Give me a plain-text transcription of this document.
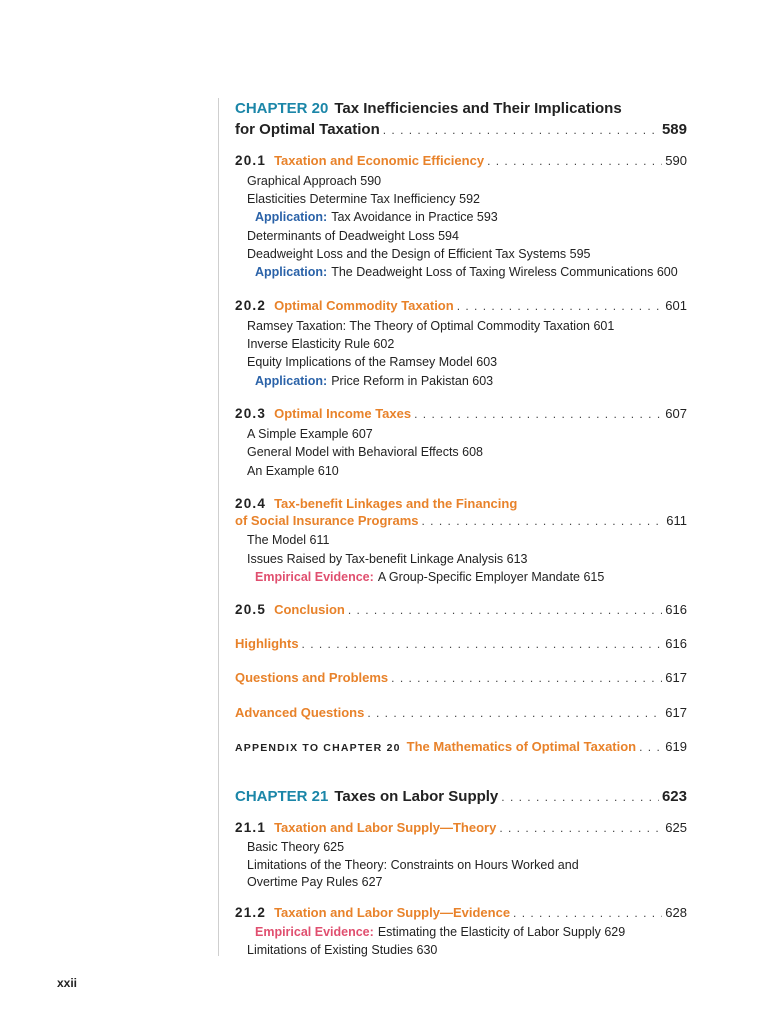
CHAPTER 20 Tax Inefficiencies and Their Implications
for Optimal Taxation . . .	589
20.1 Taxation and Economic Efficiency . . .	590
Graphical Approach 590
Elasticities Determine Tax Inefficiency 592
Application: Tax Avoidance in Practice 593
Determinants of Deadweight Loss 594
Deadweight Loss and the Design of Efficient Tax Systems 595
Application: The Deadweight Loss of Taxing Wireless Communications 600
20.2 Optimal Commodity Taxation . . .	601
Ramsey Taxation: The Theory of Optimal Commodity Taxation 601
Inverse Elasticity Rule 602
Equity Implications of the Ramsey Model 603
Application: Price Reform in Pakistan 603
20.3 Optimal Income Taxes . . .	607
A Simple Example 607
General Model with Behavioral Effects 608
An Example 610
20.4 Tax-benefit Linkages and the Financing
of Social Insurance Programs . . .	611
The Model 611
Issues Raised by Tax-benefit Linkage Analysis 613
Empirical Evidence: A Group-Specific Employer Mandate 615
20.5 Conclusion . . .	616
Highlights . . .	616
Questions and Problems . . .	617
Advanced Questions . . .	617
APPENDIX TO CHAPTER 20 The Mathematics of Optimal Taxation . . . 619
CHAPTER 21 Taxes on Labor Supply . . .	623
21.1 Taxation and Labor Supply—Theory . . .	625
Basic Theory 625
Limitations of the Theory: Constraints on Hours Worked and
Overtime Pay Rules 627
21.2 Taxation and Labor Supply—Evidence . . .	628
Empirical Evidence: Estimating the Elasticity of Labor Supply 629
Limitations of Existing Studies 630
xxii
